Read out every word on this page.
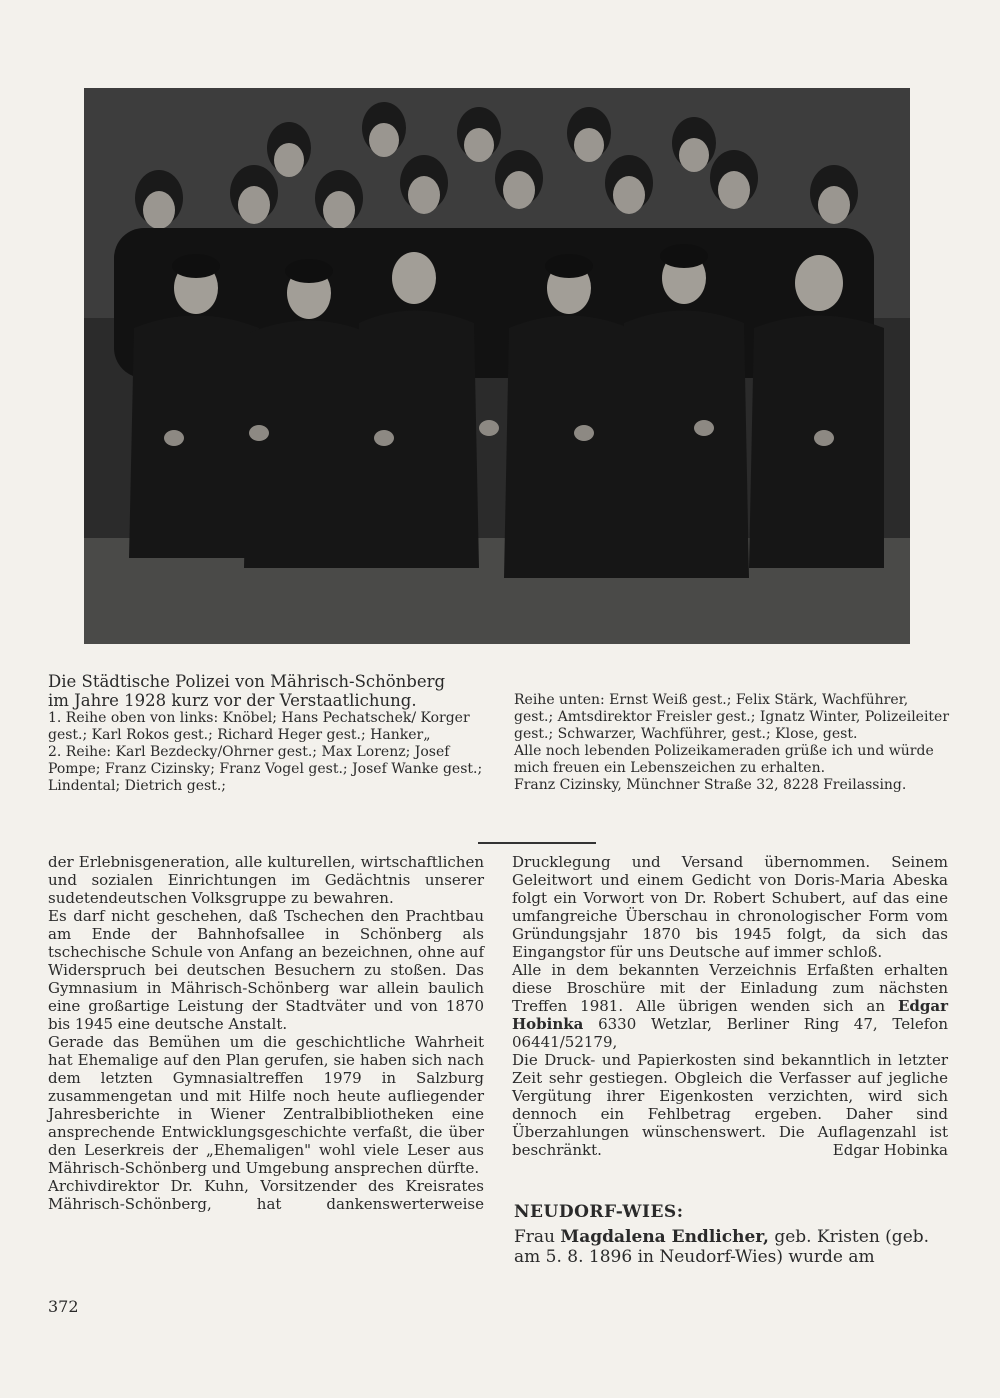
Die Städtische Polizei von Mährisch-Schönberg
im Jahre 1928 kurz vor der Verstaatlichung.
1. Reihe oben von links: Knöbel; Hans Pechatschek/ Korger gest.; Karl Rokos gest.; Richard Heger gest.; Hanker„
2. Reihe: Karl Bezdecky/Ohrner gest.; Max Lorenz; Josef Pompe; Franz Cizinsky; Franz Vogel gest.; Josef Wanke gest.; Lindental; Dietrich gest.;
Reihe unten: Ernst Weiß gest.; Felix Stärk, Wachführer, gest.; Amtsdirektor Freisler gest.; Ignatz Winter, Polizeileiter gest.; Schwarzer, Wachführer, gest.; Klose, gest.
Alle noch lebenden Polizeikameraden grüße ich und würde mich freuen ein Lebenszeichen zu erhalten.
Franz Cizinsky, Münchner Straße 32, 8228 Freilassing.

der Erlebnisgeneration, alle kulturellen, wirtschaftlichen und sozialen Einrichtungen im Gedächtnis unserer sudetendeutschen Volksgruppe zu bewahren.

Es darf nicht geschehen, daß Tschechen den Prachtbau am Ende der Bahnhofsallee in Schönberg als tschechische Schule von Anfang an bezeichnen, ohne auf Widerspruch bei deutschen Besuchern zu stoßen. Das Gymnasium in Mährisch-Schönberg war allein baulich eine großartige Leistung der Stadtväter und von 1870 bis 1945 eine deutsche Anstalt.

Gerade das Bemühen um die geschichtliche Wahrheit hat Ehemalige auf den Plan gerufen, sie haben sich nach dem letzten Gymnasialtreffen 1979 in Salzburg zusammengetan und mit Hilfe noch heute aufliegender Jahresberichte in Wiener Zentralbibliotheken eine ansprechende Entwicklungsgeschichte verfaßt, die über den Leserkreis der „Ehemaligen" wohl viele Leser aus Mährisch-Schönberg und Umgebung ansprechen dürfte.

Archivdirektor Dr. Kuhn, Vorsitzender des Kreisrates Mährisch-Schönberg, hat dankenswerterweise

Drucklegung und Versand übernommen. Seinem Geleitwort und einem Gedicht von Doris-Maria Abeska folgt ein Vorwort von Dr. Robert Schubert, auf das eine umfangreiche Überschau in chronologischer Form vom Gründungsjahr 1870 bis 1945 folgt, da sich das Eingangstor für uns Deutsche auf immer schloß.

Alle in dem bekannten Verzeichnis Erfaßten erhalten diese Broschüre mit der Einladung zum nächsten Treffen 1981. Alle übrigen wenden sich an Edgar Hobinka 6330 Wetzlar, Berliner Ring 47, Telefon 06441/52179,

Die Druck- und Papierkosten sind bekanntlich in letzter Zeit sehr gestiegen. Obgleich die Verfasser auf jegliche Vergütung ihrer Eigenkosten verzichten, wird sich dennoch ein Fehlbetrag ergeben. Daher sind Überzahlungen wünschenswert. Die Auflagenzahl ist beschränkt.	Edgar Hobinka

NEUDORF-WIES:
Frau Magdalena Endlicher, geb. Kristen (geb. am 5. 8. 1896 in Neudorf-Wies) wurde am
372
